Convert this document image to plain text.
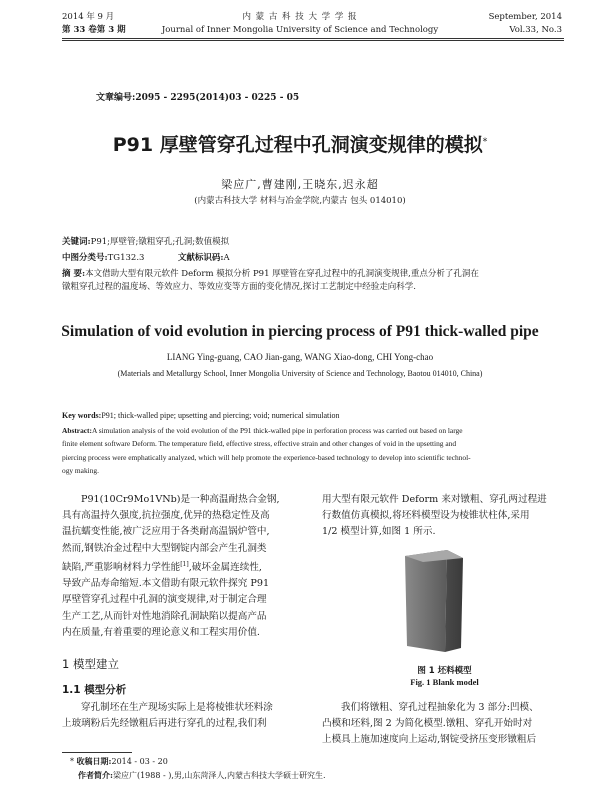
2014 年 9 月
第 33 卷第 3 期
内 蒙 古 科 技 大 学 学 报
Journal of Inner Mongolia University of Science and Technology
September, 2014
Vol.33, No.3
文章编号:2095 - 2295(2014)03 - 0225 - 05
P91 厚壁管穿孔过程中孔洞演变规律的模拟*
梁应广,曹建刚,王晓东,迟永超
(内蒙古科技大学 材料与冶金学院,内蒙古 包头 014010)
关键词:P91;厚壁管;镦粗穿孔;孔洞;数值模拟
中图分类号:TG132.3	文献标识码:A
摘 要:本文借助大型有限元软件 Deform 模拟分析 P91 厚壁管在穿孔过程中的孔洞演变规律,重点分析了孔洞在
镦粗穿孔过程的温度场、等效应力、等效应变等方面的变化情况,探讨工艺制定中经验走向科学.
Simulation of void evolution in piercing process of P91 thick-walled pipe
LIANG Ying-guang, CAO Jian-gang, WANG Xiao-dong, CHI Yong-chao
(Materials and Metallurgy School, Inner Mongolia University of Science and Technology, Baotou 014010, China)
Key words:P91; thick-walled pipe; upsetting and piercing; void; numerical simulation
Abstract:A simulation analysis of the void evolution of the P91 thick-walled pipe in perforation process was carried out based on large
finite element software Deform. The temperature field, effective stress, effective strain and other changes of void in the upsetting and
piercing process were emphatically analyzed, which will help promote the experience-based technology to develop into scientific technol-
ogy making.
P91(10Cr9Mo1VNb)是一种高温耐热合金钢,
具有高温持久强度,抗拉强度,优异的热稳定性及高
温抗蠕变性能,被广泛应用于各类耐高温锅炉管中,
然而,钢铁冶金过程中大型钢锭内部会产生孔洞类
缺陷,严重影响材料力学性能[1],破坏金属连续性,
导致产品寿命缩短.本文借助有限元软件探究 P91
厚壁管穿孔过程中孔洞的演变规律,对于制定合理
生产工艺,从而针对性地消除孔洞缺陷以提高产品
内在质量,有着重要的理论意义和工程实用价值.
1 模型建立
1.1 模型分析
穿孔制坯在生产现场实际上是将棱锥状坯料涂
上玻璃粉后先经镦粗后再进行穿孔的过程,我们利
用大型有限元软件 Deform 来对镦粗、穿孔两过程进
行数值仿真模拟,将坯料模型设为棱锥状柱体,采用
1/2 模型计算,如图 1 所示.
图 1 坯料模型
Fig. 1 Blank model
我们将镦粗、穿孔过程抽象化为 3 部分:凹模、
凸模和坯料,图 2 为简化模型.镦粗、穿孔开始时对
上模具上施加速度向上运动,钢锭受挤压变形镦粗后
* 收稿日期:2014 - 03 - 20
作者简介:梁应广(1988 - ),男,山东菏泽人,内蒙古科技大学硕士研究生.
